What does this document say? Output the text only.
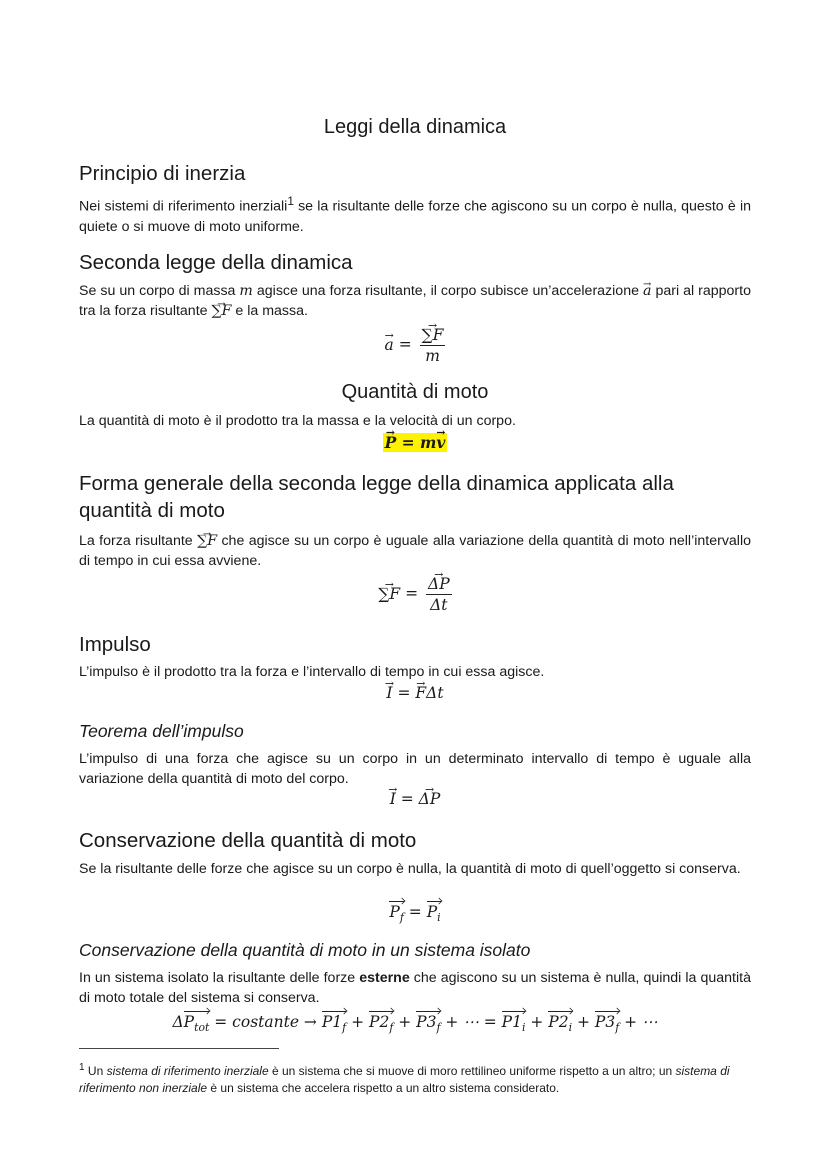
Leggi della dinamica
Principio di inerzia

Nei sistemi di riferimento inerziali$^1$ se la risultante delle forze che agiscono su un corpo è nulla, questo è in quiete o si muove di moto uniforme.

Seconda legge della dinamica

Se su un corpo di massa m agisce una forza risultante, il corpo subisce un’accelerazione → a pari al rapporto tra la forza risultante → ∑F e la massa.

→ a = → $\frac{\sum F}{m}$
Quantità di moto

La quantità di moto è il prodotto tra la massa e la velocità di un corpo.

→ P = m→ v
Forma generale della seconda legge della dinamica applicata alla quantità di moto

La forza risultante → ∑F che agisce su un corpo è uguale alla variazione della quantità di moto nell’intervallo di tempo in cui essa avviene.

→ ∑F = → $\frac{\Delta P}{\Delta t}$
Impulso

L’impulso è il prodotto tra la forza e l’intervallo di tempo in cui essa agisce.

→ I = → FΔt
Teorema dell’impulso

L’impulso di una forza che agisce su un corpo in un determinato intervallo di tempo è uguale alla variazione della quantità di moto del corpo.

→ I = → ΔP
Conservazione della quantità di moto

Se la risultante delle forze che agisce su un corpo è nulla, la quantità di moto di quell’oggetto si conserva.

$P_f = P_i$
Conservazione della quantità di moto in un sistema isolato

In un sistema isolato la risultante delle forze esterne che agiscono su un sistema è nulla, quindi la quantità di moto totale del sistema si conserva.

$\Delta P_{tot}$ = costante → $P1_f + P2_f + P3_f$ + ⋯ = $P1_i + P2_i + P3_f$ + ⋯

$^1$ Un sistema di riferimento inerziale è un sistema che si muove di moro rettilineo uniforme rispetto a un altro; un sistema di riferimento non inerziale è un sistema che accelera rispetto a un altro sistema considerato.
